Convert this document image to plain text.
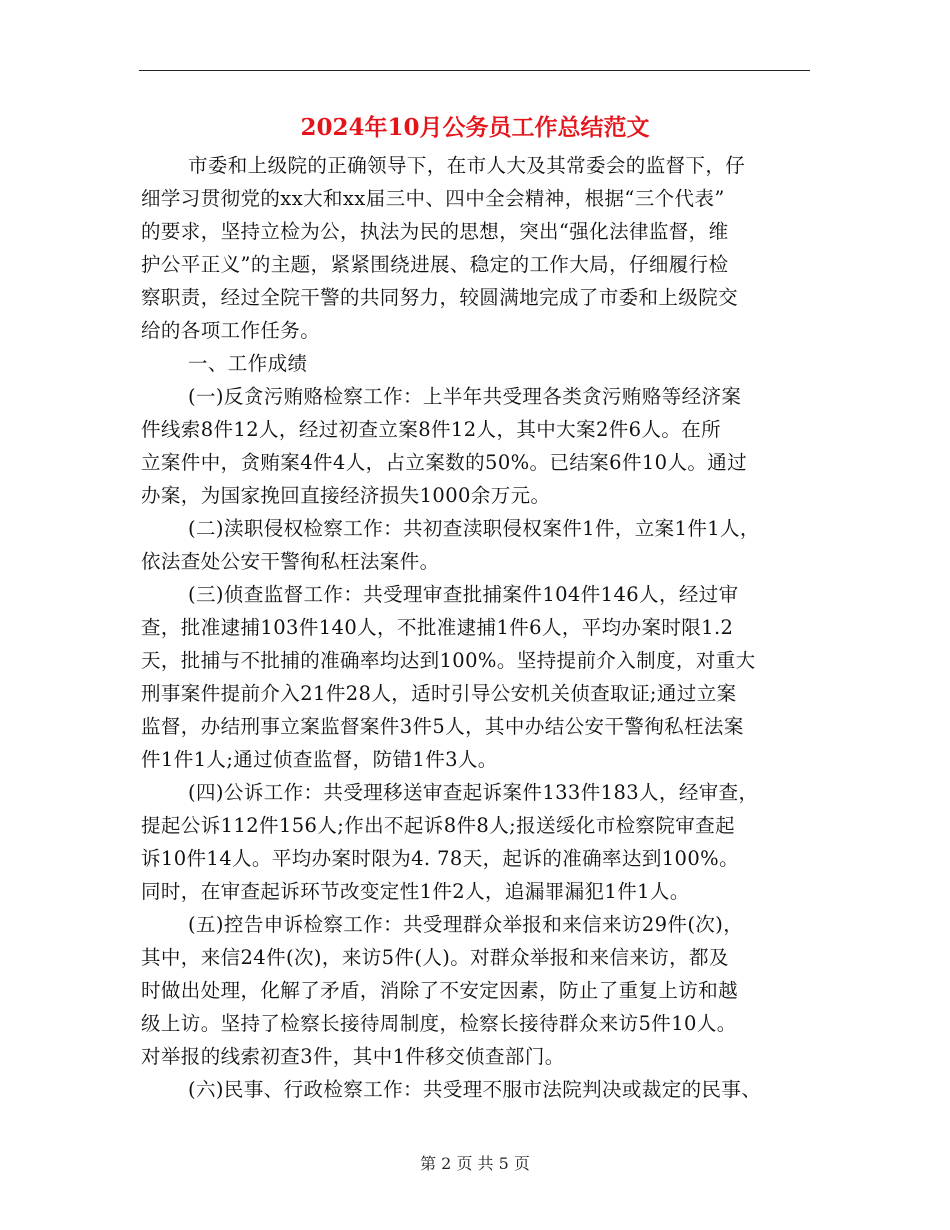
2024年10月公务员工作总结范文
市委和上级院的正确领导下，在市人大及其常委会的监督下，仔
细学习贯彻党的xx大和xx届三中、四中全会精神，根据“三个代表”
的要求，坚持立检为公，执法为民的思想，突出“强化法律监督，维
护公平正义”的主题，紧紧围绕进展、稳定的工作大局，仔细履行检
察职责，经过全院干警的共同努力，较圆满地完成了市委和上级院交
给的各项工作任务。
一、工作成绩
(一)反贪污贿赂检察工作：上半年共受理各类贪污贿赂等经济案
件线索8件12人，经过初查立案8件12人，其中大案2件6人。在所
立案件中，贪贿案4件4人，占立案数的50%。已结案6件10人。通过
办案，为国家挽回直接经济损失1000余万元。
(二)渎职侵权检察工作：共初查渎职侵权案件1件，立案1件1人，
依法查处公安干警徇私枉法案件。
(三)侦查监督工作：共受理审查批捕案件104件146人，经过审
查，批准逮捕103件140人，不批准逮捕1件6人，平均办案时限1.2
天，批捕与不批捕的准确率均达到100%。坚持提前介入制度，对重大
刑事案件提前介入21件28人，适时引导公安机关侦查取证;通过立案
监督，办结刑事立案监督案件3件5人，其中办结公安干警徇私枉法案
件1件1人;通过侦查监督，防错1件3人。
(四)公诉工作：共受理移送审查起诉案件133件183人，经审查，
提起公诉112件156人;作出不起诉8件8人;报送绥化市检察院审查起
诉10件14人。平均办案时限为4. 78天，起诉的准确率达到100%。
同时，在审查起诉环节改变定性1件2人，追漏罪漏犯1件1人。
(五)控告申诉检察工作：共受理群众举报和来信来访29件(次)，
其中，来信24件(次)，来访5件(人)。对群众举报和来信来访，都及
时做出处理，化解了矛盾，消除了不安定因素，防止了重复上访和越
级上访。坚持了检察长接待周制度，检察长接待群众来访5件10人。
对举报的线索初查3件，其中1件移交侦查部门。
(六)民事、行政检察工作：共受理不服市法院判决或裁定的民事、
第 2 页 共 5 页
